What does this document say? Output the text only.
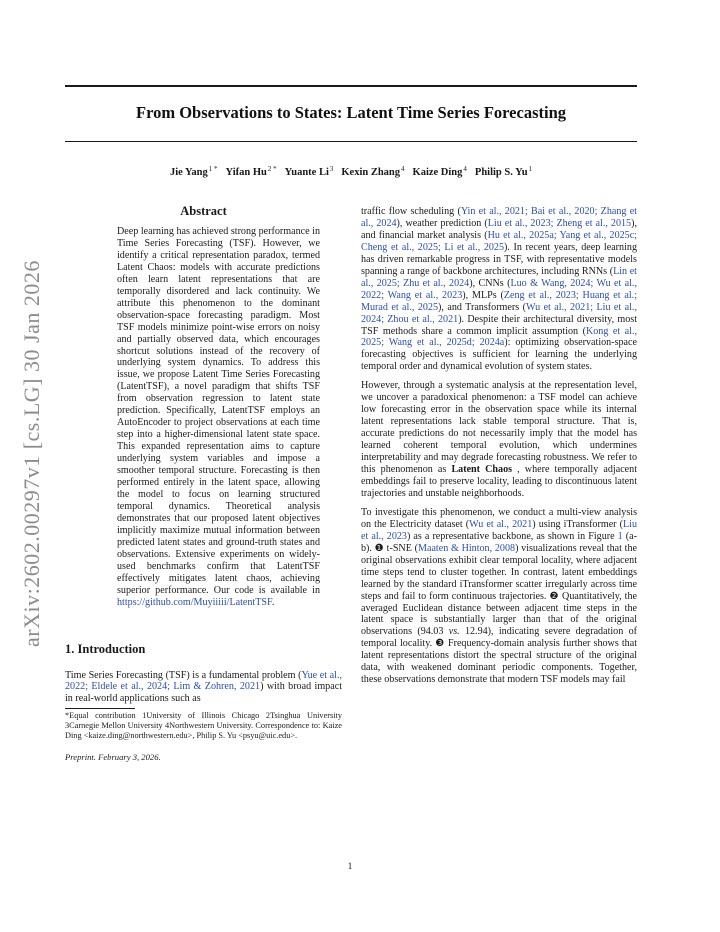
arXiv:2602.00297v1 [cs.LG] 30 Jan 2026
From Observations to States: Latent Time Series Forecasting
Jie Yang$^{1 *}$ Yifan $Hu^{2 *}$ Yuante Li$^3$ Kexin Zhang$^4$ Kaize Ding$^4$ Philip S. Yu$^1$
Abstract

Deep learning has achieved strong performance in Time Series Forecasting (TSF). However, we identify a critical representation paradox, termed Latent Chaos: models with accurate predictions often learn latent representations that are temporally disordered and lack continuity. We attribute this phenomenon to the dominant observation-space forecasting paradigm. Most TSF models minimize point-wise errors on noisy and partially observed data, which encourages shortcut solutions instead of the recovery of underlying system dynamics. To address this issue, we propose Latent Time Series Forecasting (LatentTSF), a novel paradigm that shifts TSF from observation regression to latent state prediction. Specifically, LatentTSF employs an AutoEncoder to project observations at each time step into a higher-dimensional latent state space. This expanded representation aims to capture underlying system variables and impose a smoother temporal structure. Forecasting is then performed entirely in the latent space, allowing the model to focus on learning structured temporal dynamics. Theoretical analysis demonstrates that our proposed latent objectives implicitly maximize mutual information between predicted latent states and ground-truth states and observations. Extensive experiments on widely-used benchmarks confirm that LatentTSF effectively mitigates latent chaos, achieving superior performance. Our code is available in https://github.com/Muyiiiii/LatentTSF.

1. Introduction

Time Series Forecasting (TSF) is a fundamental problem (Yue et al., 2022; Eldele et al., 2024; Lim & Zohren, 2021) with broad impact in real-world applications such as

*Equal contribution 1University of Illinois Chicago 2Tsinghua University 3Carnegie Mellon University 4Northwestern University. Correspondence to: Kaize Ding <kaize.ding@northwestern.edu>, Philip S. Yu <psyu@uic.edu>.

Preprint. February 3, 2026.

traffic flow scheduling (Yin et al., 2021; Bai et al., 2020; Zhang et al., 2024), weather prediction (Liu et al., 2023; Zheng et al., 2015), and financial market analysis (Hu et al., 2025a; Yang et al., 2025c; Cheng et al., 2025; Li et al., 2025). In recent years, deep learning has driven remarkable progress in TSF, with representative models spanning a range of backbone architectures, including RNNs (Lin et al., 2025; Zhu et al., 2024), CNNs (Luo & Wang, 2024; Wu et al., 2022; Wang et al., 2023), MLPs (Zeng et al., 2023; Huang et al.; Murad et al., 2025), and Transformers (Wu et al., 2021; Liu et al., 2024; Zhou et al., 2021). Despite their architectural diversity, most TSF methods share a common implicit assumption (Kong et al., 2025; Wang et al., 2025d; 2024a): optimizing observation-space forecasting objectives is sufficient for learning the underlying temporal order and dynamical evolution of system states.

However, through a systematic analysis at the representation level, we uncover a paradoxical phenomenon: a TSF model can achieve low forecasting error in the observation space while its internal latent representations lack stable temporal structure. That is, accurate predictions do not necessarily imply that the model has learned coherent temporal evolution, which undermines interpretability and may degrade forecasting robustness. We refer to this phenomenon as Latent Chaos , where temporally adjacent embeddings fail to preserve locality, leading to discontinuous latent trajectories and unstable neighborhoods.

To investigate this phenomenon, we conduct a multi-view analysis on the Electricity dataset (Wu et al., 2021) using iTransformer (Liu et al., 2023) as a representative backbone, as shown in Figure 1 (a-b). ❶ t-SNE (Maaten & Hinton, 2008) visualizations reveal that the original observations exhibit clear temporal locality, where adjacent time steps tend to cluster together. In contrast, latent embeddings learned by the standard iTransformer scatter irregularly across time steps and fail to form continuous trajectories. ❷ Quantitatively, the averaged Euclidean distance between adjacent time steps in the latent space is substantially larger than that of the original observations (94.03 vs. 12.94), indicating severe degradation of temporal locality. ❸ Frequency-domain analysis further shows that latent representations distort the spectral structure of the original data, with weakened dominant periodic components. Together, these observations demonstrate that modern TSF models may fail

1
